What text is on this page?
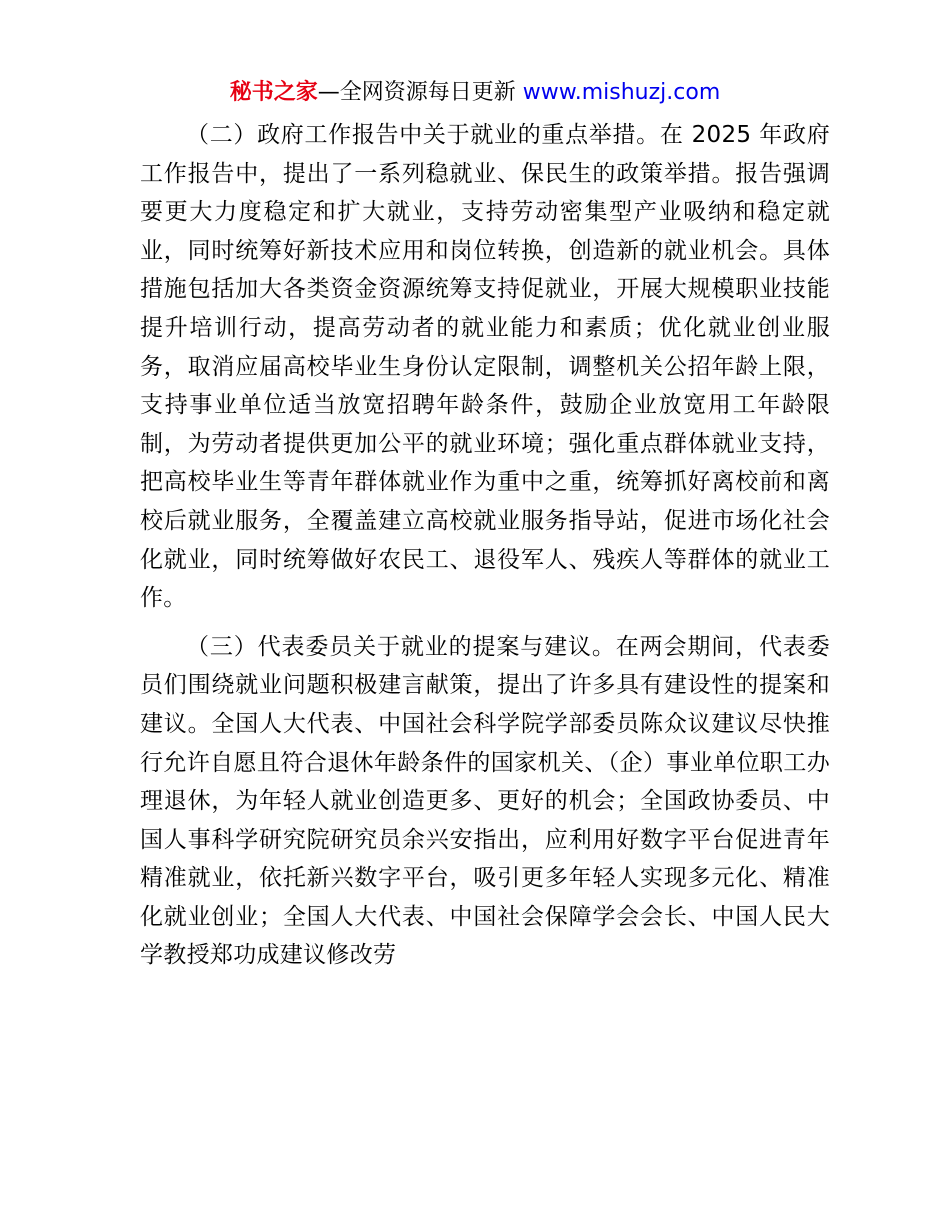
秘书之家—全网资源每日更新 www.mishuzj.com

（二）政府工作报告中关于就业的重点举措。在 2025 年政府工作报告中，提出了一系列稳就业、保民生的政策举措。报告强调要更大力度稳定和扩大就业，支持劳动密集型产业吸纳和稳定就业，同时统筹好新技术应用和岗位转换，创造新的就业机会。具体措施包括加大各类资金资源统筹支持促就业，开展大规模职业技能提升培训行动，提高劳动者的就业能力和素质；优化就业创业服务，取消应届高校毕业生身份认定限制，调整机关公招年龄上限，支持事业单位适当放宽招聘年龄条件，鼓励企业放宽用工年龄限制，为劳动者提供更加公平的就业环境；强化重点群体就业支持，把高校毕业生等青年群体就业作为重中之重，统筹抓好离校前和离校后就业服务，全覆盖建立高校就业服务指导站，促进市场化社会化就业，同时统筹做好农民工、退役军人、残疾人等群体的就业工作。

（三）代表委员关于就业的提案与建议。在两会期间，代表委员们围绕就业问题积极建言献策，提出了许多具有建设性的提案和建议。全国人大代表、中国社会科学院学部委员陈众议建议尽快推行允许自愿且符合退休年龄条件的国家机关、（企）事业单位职工办理退休，为年轻人就业创造更多、更好的机会；全国政协委员、中国人事科学研究院研究员余兴安指出，应利用好数字平台促进青年精准就业，依托新兴数字平台，吸引更多年轻人实现多元化、精准化就业创业；全国人大代表、中国社会保障学会会长、中国人民大学教授郑功成建议修改劳
